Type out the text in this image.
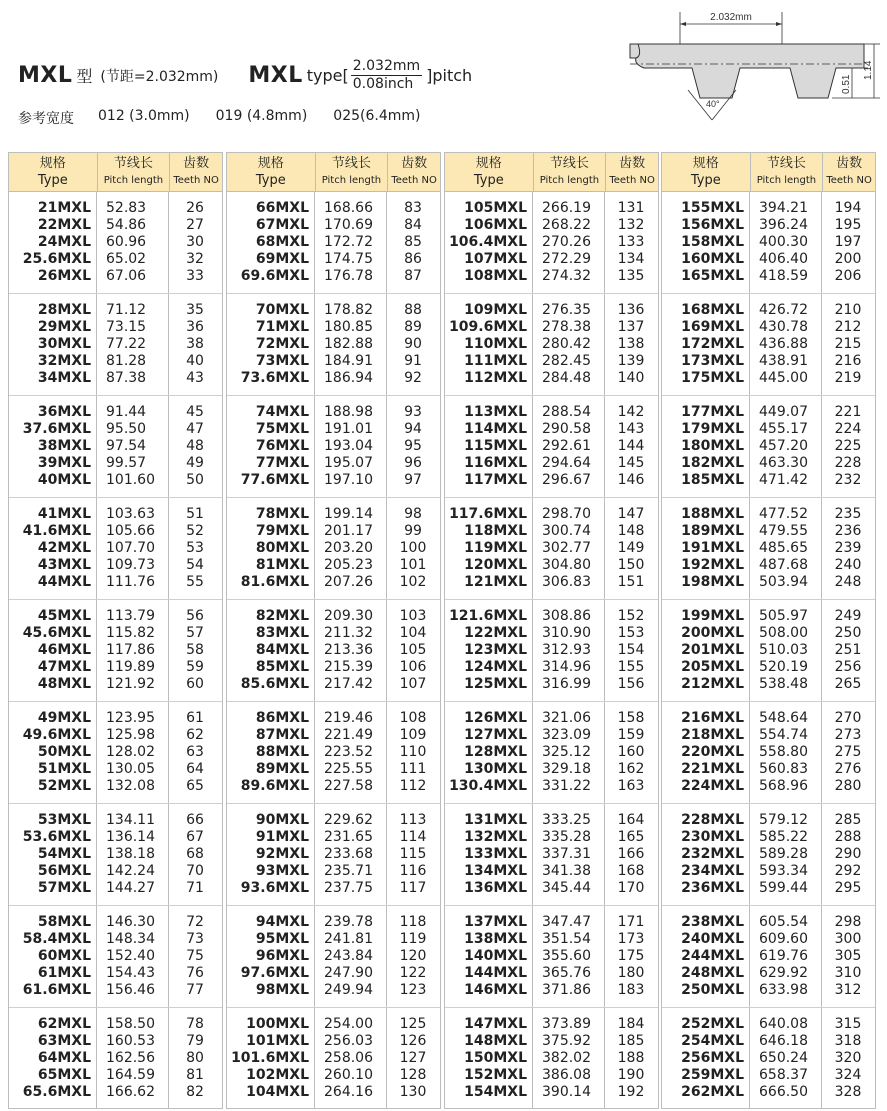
MXL 型 (节距=2.032mm) MXL type[ $\frac{2.032mm}{\text{0.08inch}}$ ]pitch
参考宽度 012 (3.0mm) 019 (4.8mm) 025(6.4mm)
2.032mm
40°
1.14
0.51
规格
Type
节线长
Pitch length
齿数
Teeth NO
21MXL
22MXL
24MXL
25.6MXL
26MXL
52.83
54.86
60.96
65.02
67.06
26
27
30
32
33
28MXL
29MXL
30MXL
32MXL
34MXL
71.12
73.15
77.22
81.28
87.38
35
36
38
40
43
36MXL
37.6MXL
38MXL
39MXL
40MXL
91.44
95.50
97.54
99.57
101.60
45
47
48
49
50
41MXL
41.6MXL
42MXL
43MXL
44MXL
103.63
105.66
107.70
109.73
111.76
51
52
53
54
55
45MXL
45.6MXL
46MXL
47MXL
48MXL
113.79
115.82
117.86
119.89
121.92
56
57
58
59
60
49MXL
49.6MXL
50MXL
51MXL
52MXL
123.95
125.98
128.02
130.05
132.08
61
62
63
64
65
53MXL
53.6MXL
54MXL
56MXL
57MXL
134.11
136.14
138.18
142.24
144.27
66
67
68
70
71
58MXL
58.4MXL
60MXL
61MXL
61.6MXL
146.30
148.34
152.40
154.43
156.46
72
73
75
76
77
62MXL
63MXL
64MXL
65MXL
65.6MXL
158.50
160.53
162.56
164.59
166.62
78
79
80
81
82
规格
Type
节线长
Pitch length
齿数
Teeth NO
66MXL
67MXL
68MXL
69MXL
69.6MXL
168.66
170.69
172.72
174.75
176.78
83
84
85
86
87
70MXL
71MXL
72MXL
73MXL
73.6MXL
178.82
180.85
182.88
184.91
186.94
88
89
90
91
92
74MXL
75MXL
76MXL
77MXL
77.6MXL
188.98
191.01
193.04
195.07
197.10
93
94
95
96
97
78MXL
79MXL
80MXL
81MXL
81.6MXL
199.14
201.17
203.20
205.23
207.26
98
99
100
101
102
82MXL
83MXL
84MXL
85MXL
85.6MXL
209.30
211.32
213.36
215.39
217.42
103
104
105
106
107
86MXL
87MXL
88MXL
89MXL
89.6MXL
219.46
221.49
223.52
225.55
227.58
108
109
110
111
112
90MXL
91MXL
92MXL
93MXL
93.6MXL
229.62
231.65
233.68
235.71
237.75
113
114
115
116
117
94MXL
95MXL
96MXL
97.6MXL
98MXL
239.78
241.81
243.84
247.90
249.94
118
119
120
122
123
100MXL
101MXL
101.6MXL
102MXL
104MXL
254.00
256.03
258.06
260.10
264.16
125
126
127
128
130
规格
Type
节线长
Pitch length
齿数
Teeth NO
105MXL
106MXL
106.4MXL
107MXL
108MXL
266.19
268.22
270.26
272.29
274.32
131
132
133
134
135
109MXL
109.6MXL
110MXL
111MXL
112MXL
276.35
278.38
280.42
282.45
284.48
136
137
138
139
140
113MXL
114MXL
115MXL
116MXL
117MXL
288.54
290.58
292.61
294.64
296.67
142
143
144
145
146
117.6MXL
118MXL
119MXL
120MXL
121MXL
298.70
300.74
302.77
304.80
306.83
147
148
149
150
151
121.6MXL
122MXL
123MXL
124MXL
125MXL
308.86
310.90
312.93
314.96
316.99
152
153
154
155
156
126MXL
127MXL
128MXL
130MXL
130.4MXL
321.06
323.09
325.12
329.18
331.22
158
159
160
162
163
131MXL
132MXL
133MXL
134MXL
136MXL
333.25
335.28
337.31
341.38
345.44
164
165
166
168
170
137MXL
138MXL
140MXL
144MXL
146MXL
347.47
351.54
355.60
365.76
371.86
171
173
175
180
183
147MXL
148MXL
150MXL
152MXL
154MXL
373.89
375.92
382.02
386.08
390.14
184
185
188
190
192
规格
Type
节线长
Pitch length
齿数
Teeth NO
155MXL
156MXL
158MXL
160MXL
165MXL
394.21
396.24
400.30
406.40
418.59
194
195
197
200
206
168MXL
169MXL
172MXL
173MXL
175MXL
426.72
430.78
436.88
438.91
445.00
210
212
215
216
219
177MXL
179MXL
180MXL
182MXL
185MXL
449.07
455.17
457.20
463.30
471.42
221
224
225
228
232
188MXL
189MXL
191MXL
192MXL
198MXL
477.52
479.55
485.65
487.68
503.94
235
236
239
240
248
199MXL
200MXL
201MXL
205MXL
212MXL
505.97
508.00
510.03
520.19
538.48
249
250
251
256
265
216MXL
218MXL
220MXL
221MXL
224MXL
548.64
554.74
558.80
560.83
568.96
270
273
275
276
280
228MXL
230MXL
232MXL
234MXL
236MXL
579.12
585.22
589.28
593.34
599.44
285
288
290
292
295
238MXL
240MXL
244MXL
248MXL
250MXL
605.54
609.60
619.76
629.92
633.98
298
300
305
310
312
252MXL
254MXL
256MXL
259MXL
262MXL
640.08
646.18
650.24
658.37
666.50
315
318
320
324
328
